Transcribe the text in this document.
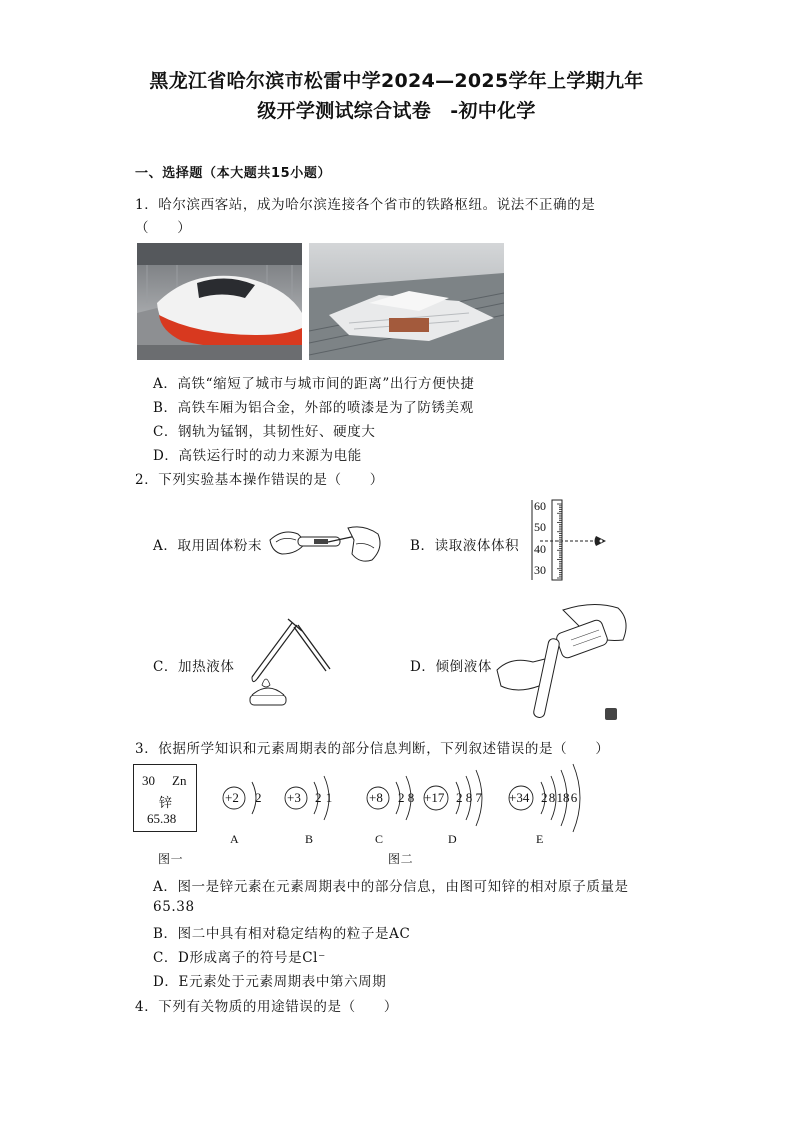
黑龙江省哈尔滨市松雷中学2024—2025学年上学期九年
级开学测试综合试卷　-初中化学
一、选择题（本大题共15小题）
1．哈尔滨西客站，成为哈尔滨连接各个省市的铁路枢纽。说法不正确的是
（　　）
A．高铁“缩短了城市与城市间的距离”出行方便快捷
B．高铁车厢为铝合金，外部的喷漆是为了防锈美观
C．钢轨为锰钢，其韧性好、硬度大
D．高铁运行时的动力来源为电能
2．下列实验基本操作错误的是（　　）
A．取用固体粉末	B．读取液体体积
60
50
40
30
C．加热液体	D．倾倒液体
3．依据所学知识和元素周期表的部分信息判断，下列叙述错误的是（　　）
30 Zn
锌
65.38
+2 2 +3 2 1	+8 2 8 +17 2 8 7 +34 2 8 18 6
A	B	C	D	E
图一	图二
A．图一是锌元素在元素周期表中的部分信息，由图可知锌的相对原子质量是
65.38
B．图二中具有相对稳定结构的粒子是AC
C．D形成离子的符号是Cl⁻
D．E元素处于元素周期表中第六周期
4．下列有关物质的用途错误的是（　　）
